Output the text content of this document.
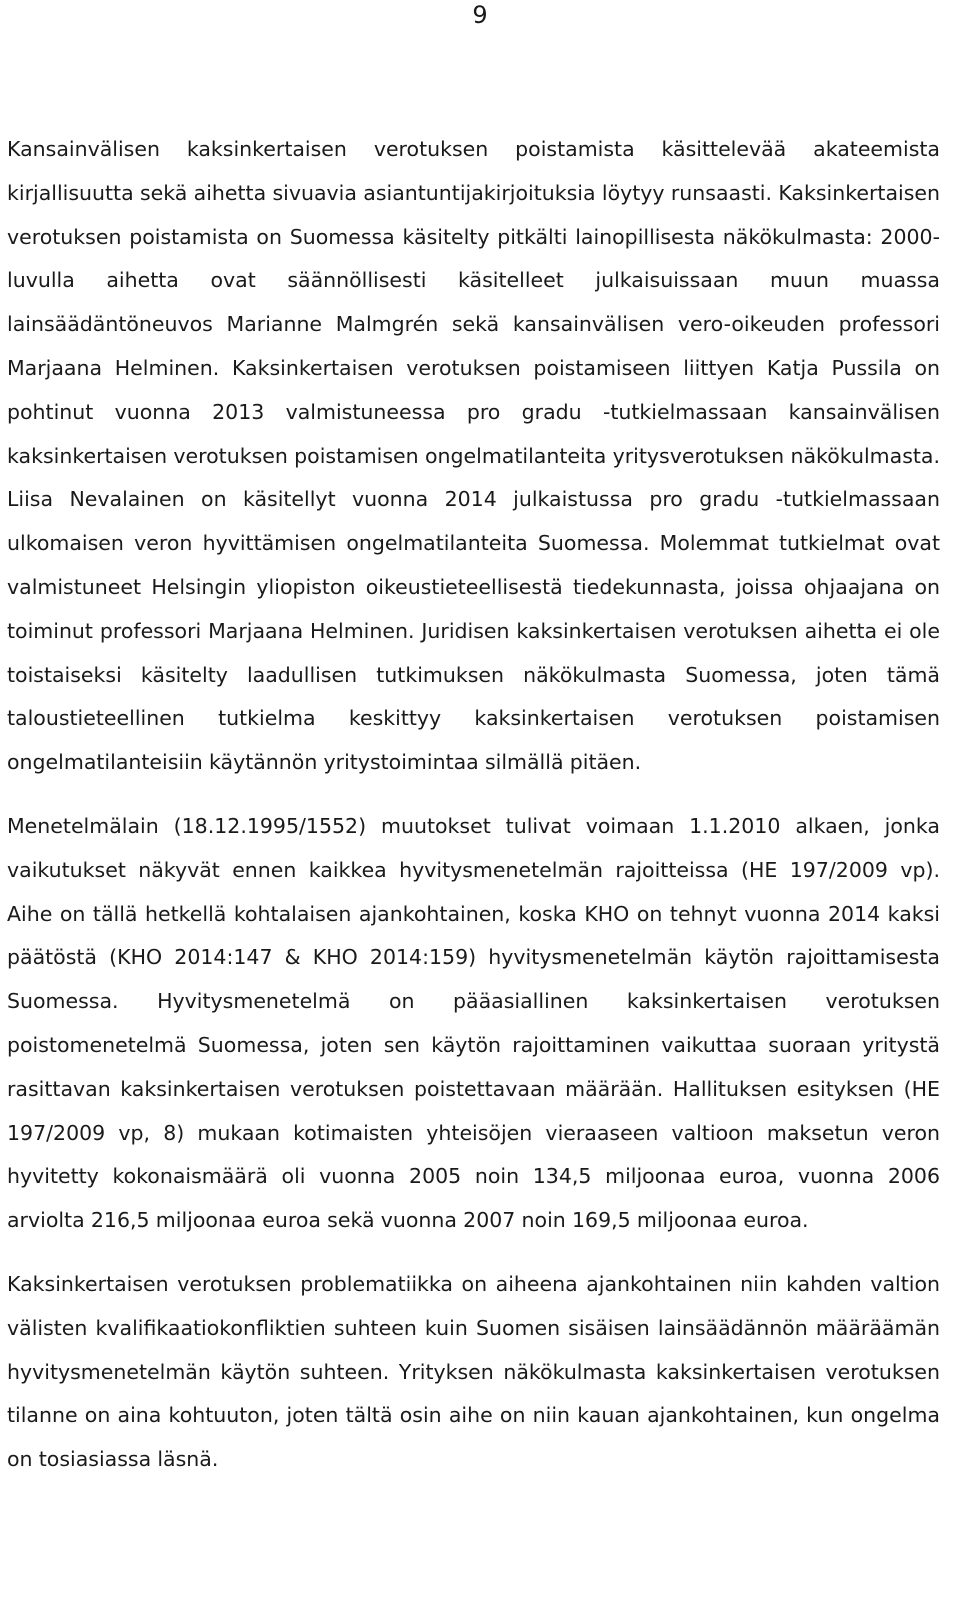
9

Kansainvälisen kaksinkertaisen verotuksen poistamista käsittelevää akateemista kirjallisuutta sekä aihetta sivuavia asiantuntijakirjoituksia löytyy runsaasti. Kaksinkertaisen verotuksen poistamista on Suomessa käsitelty pitkälti lainopillisesta näkökulmasta: 2000-luvulla aihetta ovat säännöllisesti käsitelleet julkaisuissaan muun muassa lainsäädäntöneuvos Marianne Malmgrén sekä kansainvälisen vero-oikeuden professori Marjaana Helminen. Kaksinkertaisen verotuksen poistamiseen liittyen Katja Pussila on pohtinut vuonna 2013 valmistuneessa pro gradu -tutkielmassaan kansainvälisen kaksinkertaisen verotuksen poistamisen ongelmatilanteita yritysverotuksen näkökulmasta. Liisa Nevalainen on käsitellyt vuonna 2014 julkaistussa pro gradu -tutkielmassaan ulkomaisen veron hyvittämisen ongelmatilanteita Suomessa. Molemmat tutkielmat ovat valmistuneet Helsingin yliopiston oikeustieteellisestä tiedekunnasta, joissa ohjaajana on toiminut professori Marjaana Helminen. Juridisen kaksinkertaisen verotuksen aihetta ei ole toistaiseksi käsitelty laadullisen tutkimuksen näkökulmasta Suomessa, joten tämä taloustieteellinen tutkielma keskittyy kaksinkertaisen verotuksen poistamisen ongelmatilanteisiin käytännön yritystoimintaa silmällä pitäen.

Menetelmälain (18.12.1995/1552) muutokset tulivat voimaan 1.1.2010 alkaen, jonka vaikutukset näkyvät ennen kaikkea hyvitysmenetelmän rajoitteissa (HE 197/2009 vp). Aihe on tällä hetkellä kohtalaisen ajankohtainen, koska KHO on tehnyt vuonna 2014 kaksi päätöstä (KHO 2014:147 & KHO 2014:159) hyvitysmenetelmän käytön rajoittamisesta Suomessa. Hyvitysmenetelmä on pääasiallinen kaksinkertaisen verotuksen poistomenetelmä Suomessa, joten sen käytön rajoittaminen vaikuttaa suoraan yritystä rasittavan kaksinkertaisen verotuksen poistettavaan määrään. Hallituksen esityksen (HE 197/2009 vp, 8) mukaan kotimaisten yhteisöjen vieraaseen valtioon maksetun veron hyvitetty kokonaismäärä oli vuonna 2005 noin 134,5 miljoonaa euroa, vuonna 2006 arviolta 216,5 miljoonaa euroa sekä vuonna 2007 noin 169,5 miljoonaa euroa.

Kaksinkertaisen verotuksen problematiikka on aiheena ajankohtainen niin kahden valtion välisten kvalifikaatiokonfliktien suhteen kuin Suomen sisäisen lainsäädännön määräämän hyvitysmenetelmän käytön suhteen. Yrityksen näkökulmasta kaksinkertaisen verotuksen tilanne on aina kohtuuton, joten tältä osin aihe on niin kauan ajankohtainen, kun ongelma on tosiasiassa läsnä.
